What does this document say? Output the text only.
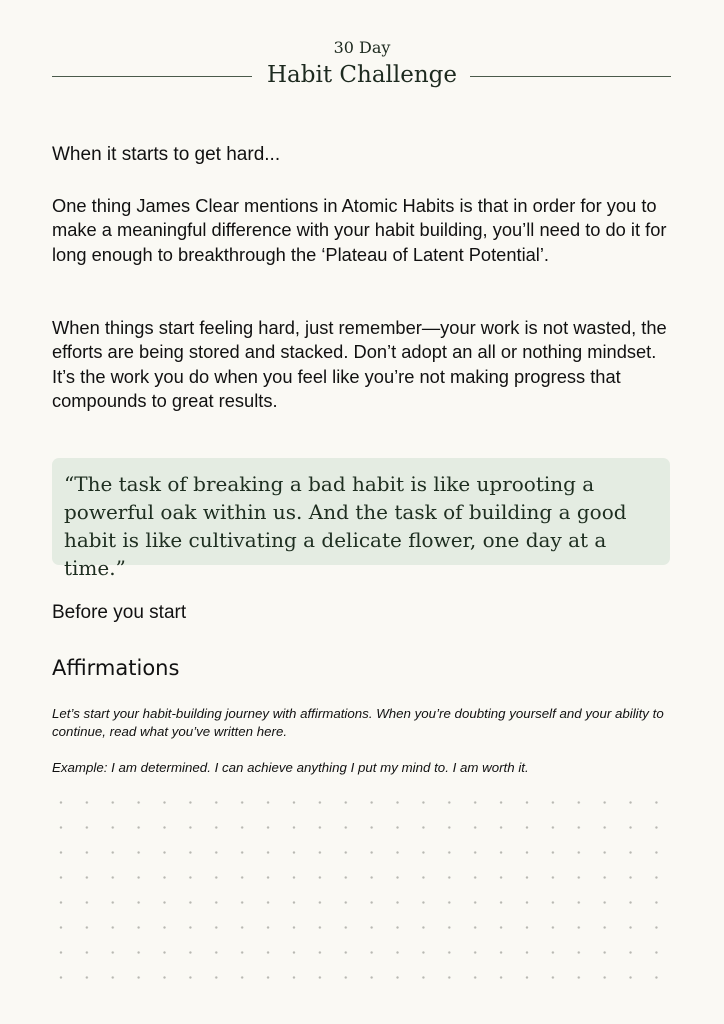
30 Day
Habit Challenge
When it starts to get hard...
One thing James Clear mentions in Atomic Habits is that in order for you to make a meaningful difference with your habit building, you’ll need to do it for long enough to breakthrough the ‘Plateau of Latent Potential’.
When things start feeling hard, just remember—your work is not wasted, the efforts are being stored and stacked. Don’t adopt an all or nothing mindset. It’s the work you do when you feel like you’re not making progress that compounds to great results.
“The task of breaking a bad habit is like uprooting a powerful oak within us. And the task of building a good habit is like cultivating a delicate flower, one day at a time.”
Before you start
Affirmations
Let’s start your habit-building journey with affirmations. When you’re doubting yourself and your ability to continue, read what you’ve written here.
Example: I am determined. I can achieve anything I put my mind to. I am worth it.
